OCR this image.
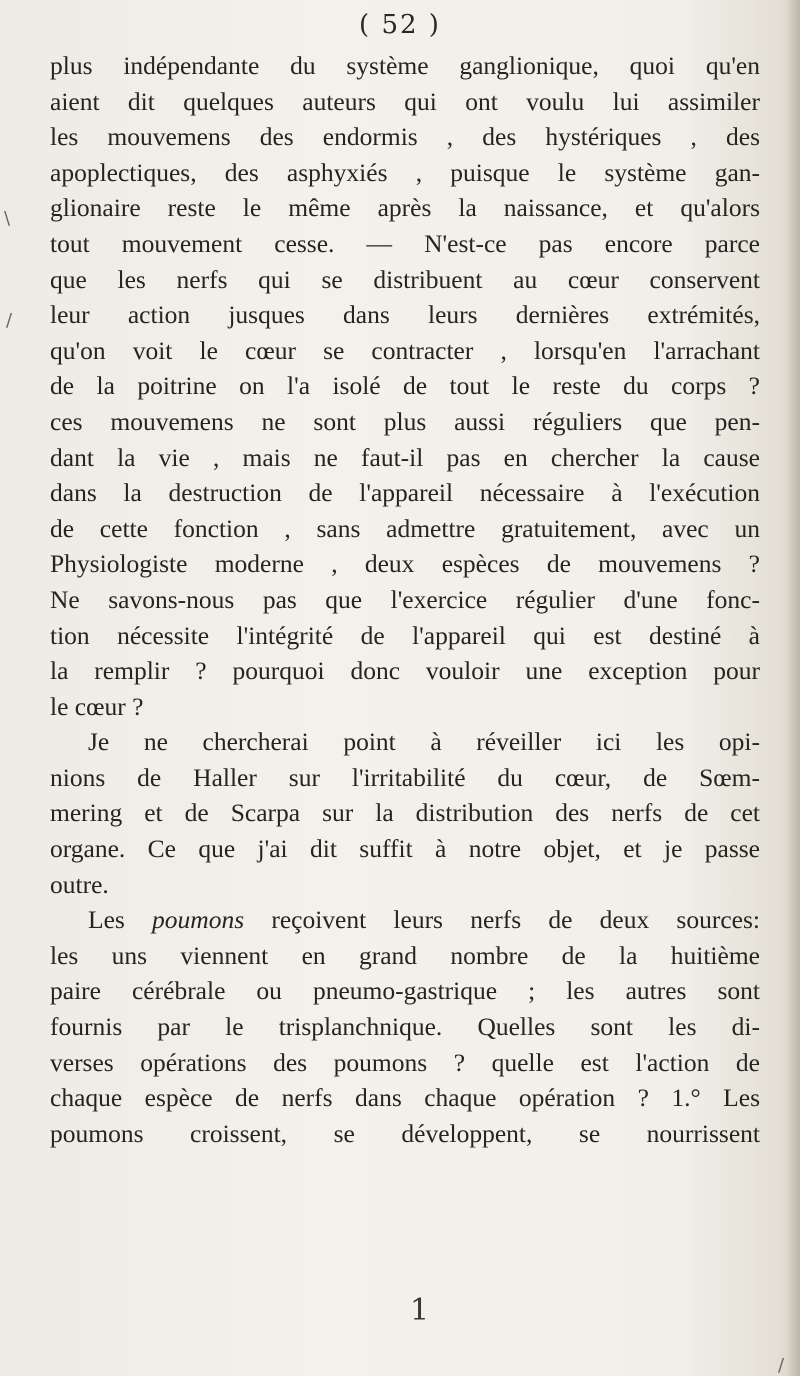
( 52 )
plus indépendante du système ganglionique, quoi qu'en
aient dit quelques auteurs qui ont voulu lui assimiler
les mouvemens des endormis , des hystériques , des
apoplectiques, des asphyxiés , puisque le système gan-
glionaire reste le même après la naissance, et qu'alors
tout mouvement cesse. — N'est-ce pas encore parce
que les nerfs qui se distribuent au cœur conservent
leur action jusques dans leurs dernières extrémités,
qu'on voit le cœur se contracter , lorsqu'en l'arrachant
de la poitrine on l'a isolé de tout le reste du corps ?
ces mouvemens ne sont plus aussi réguliers que pen-
dant la vie , mais ne faut-il pas en chercher la cause
dans la destruction de l'appareil nécessaire à l'exécution
de cette fonction , sans admettre gratuitement, avec un
Physiologiste moderne , deux espèces de mouvemens ?
Ne savons-nous pas que l'exercice régulier d'une fonc-
tion nécessite l'intégrité de l'appareil qui est destiné à
la remplir ? pourquoi donc vouloir une exception pour
le cœur ?
Je ne chercherai point à réveiller ici les opi-
nions de Haller sur l'irritabilité du cœur, de Sœm-
mering et de Scarpa sur la distribution des nerfs de cet
organe. Ce que j'ai dit suffit à notre objet, et je passe
outre.
Les poumons reçoivent leurs nerfs de deux sources:
les uns viennent en grand nombre de la huitième
paire cérébrale ou pneumo-gastrique ; les autres sont
fournis par le trisplanchnique. Quelles sont les di-
verses opérations des poumons ? quelle est l'action de
chaque espèce de nerfs dans chaque opération ? 1.° Les
poumons croissent, se développent, se nourrissent
1
\
/
/
